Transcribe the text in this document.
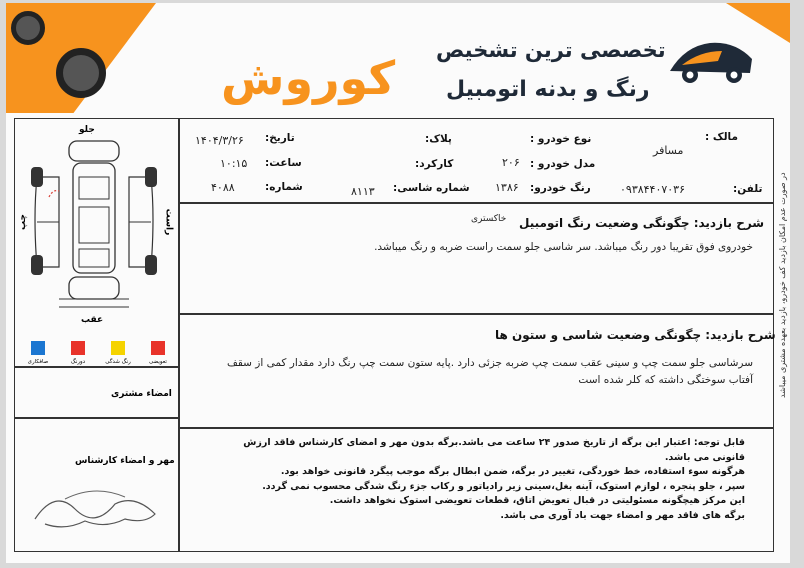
تخصصی ترین تشخیص
رنگ و بدنه اتومبیل
کوروش
در صورت عدم امکان بازدید کف خودرو، بازدید بعهده مشتری میباشد
مالک :
مسافر
تلفن:
۰۹۳۸۴۴۰۷۰۳۶
نوع خودرو :
مدل خودرو :
۲۰۶
رنگ خودرو:
۱۳۸۶
پلاک:
کارکرد:
شماره شاسی:
۸۱۱۳
تاریخ:
۱۴۰۴/۳/۲۶
ساعت:
۱۰:۱۵
شماره:
۴۰۸۸
شرح بازدید: چگونگی وضعیت رنگ اتومبیل
خاکستری
خودروی فوق تقریبا دور رنگ میباشد. سر شاسی جلو سمت راست ضربه و رنگ میباشد.
شرح بازدید: چگونگی وضعیت شاسی و ستون ها
سرشاسی جلو سمت چپ و سینی عقب سمت چپ ضربه جزئی دارد .پایه ستون سمت چپ رنگ دارد مقدار کمی از سقف آفتاب سوختگی داشته که کلر شده است
قابل توجه: اعتبار این برگه از تاریخ صدور ۲۴ ساعت می باشد.برگه بدون مهر و امضای کارشناس فاقد ارزش قانونی می باشد.
هرگونه سوء استفاده، خط خوردگی، تغییر در برگه، ضمن ابطال برگه موجب پیگرد قانونی خواهد بود.
سپر ، جلو پنجره ، لوازم استوک، آینه بغل،سینی زیر رادیاتور و رکاب جزء رنگ شدگی محسوب نمی گردد.
این مرکز هیچگونه مسئولیتی در قبال تعویض اتاق، قطعات تعویضی استوک نخواهد داشت.
برگه های فاقد مهر و امضاء جهت باد آوری می باشد.
جلو
عقب
راست
چپ
تعویضی
رنگ شدگی
دورنگ
صافکاری
امضاء مشتری
مهر و امضاء کارشناس
